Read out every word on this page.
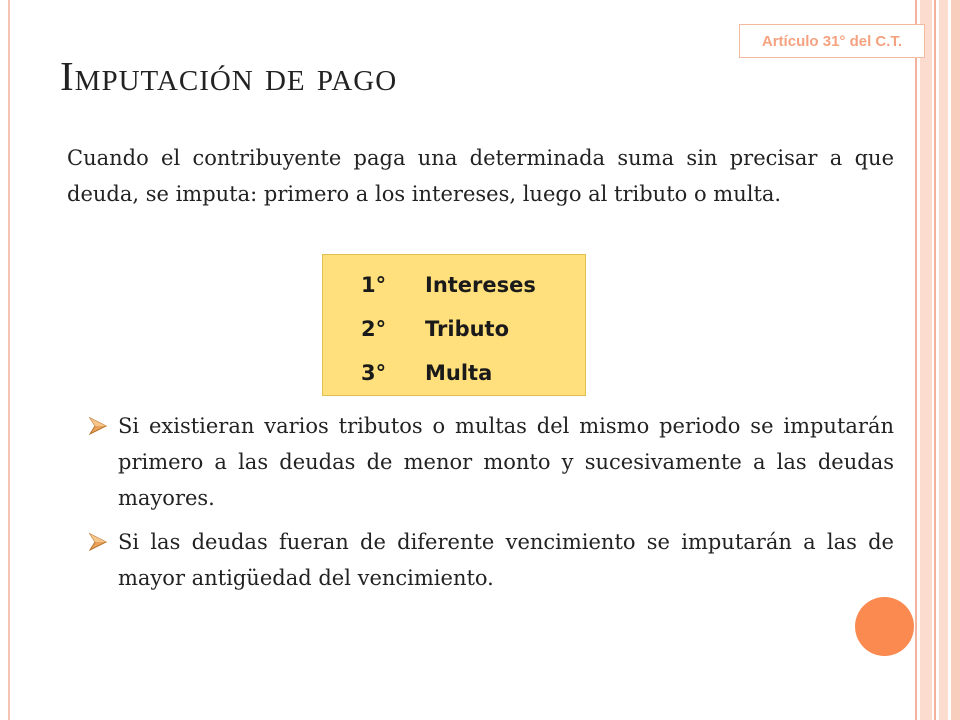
Artículo 31° del C.T.
Imputación de pago
Cuando el contribuyente paga una determinada suma sin precisar a que deuda, se imputa: primero a los intereses, luego al tributo o multa.
1°	Intereses
2°	Tributo
3°	Multa
Si existieran varios tributos o multas del mismo periodo se imputarán primero a las deudas de menor monto y sucesivamente a las deudas mayores.
Si las deudas fueran de diferente vencimiento se imputarán a las de mayor antigüedad del vencimiento.
